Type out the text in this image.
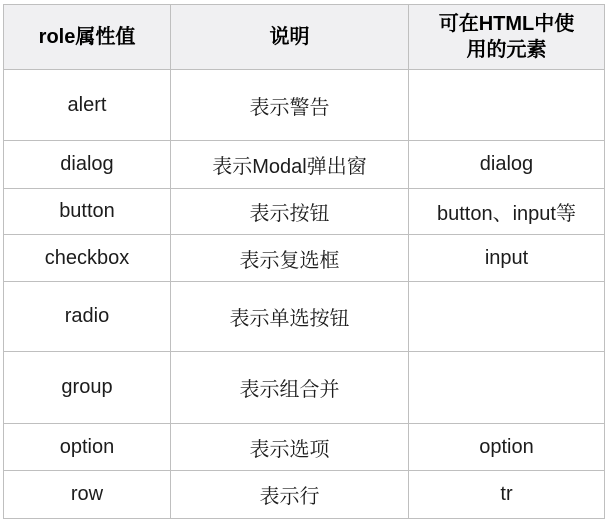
role属性值	说明	可在HTML中使用的元素
alert	表示警告	
dialog	表示Modal弹出窗	dialog
button	表示按钮	button、input等
checkbox	表示复选框	input
radio	表示单选按钮	
group	表示组合并	
option	表示选项	option
row	表示行	tr
